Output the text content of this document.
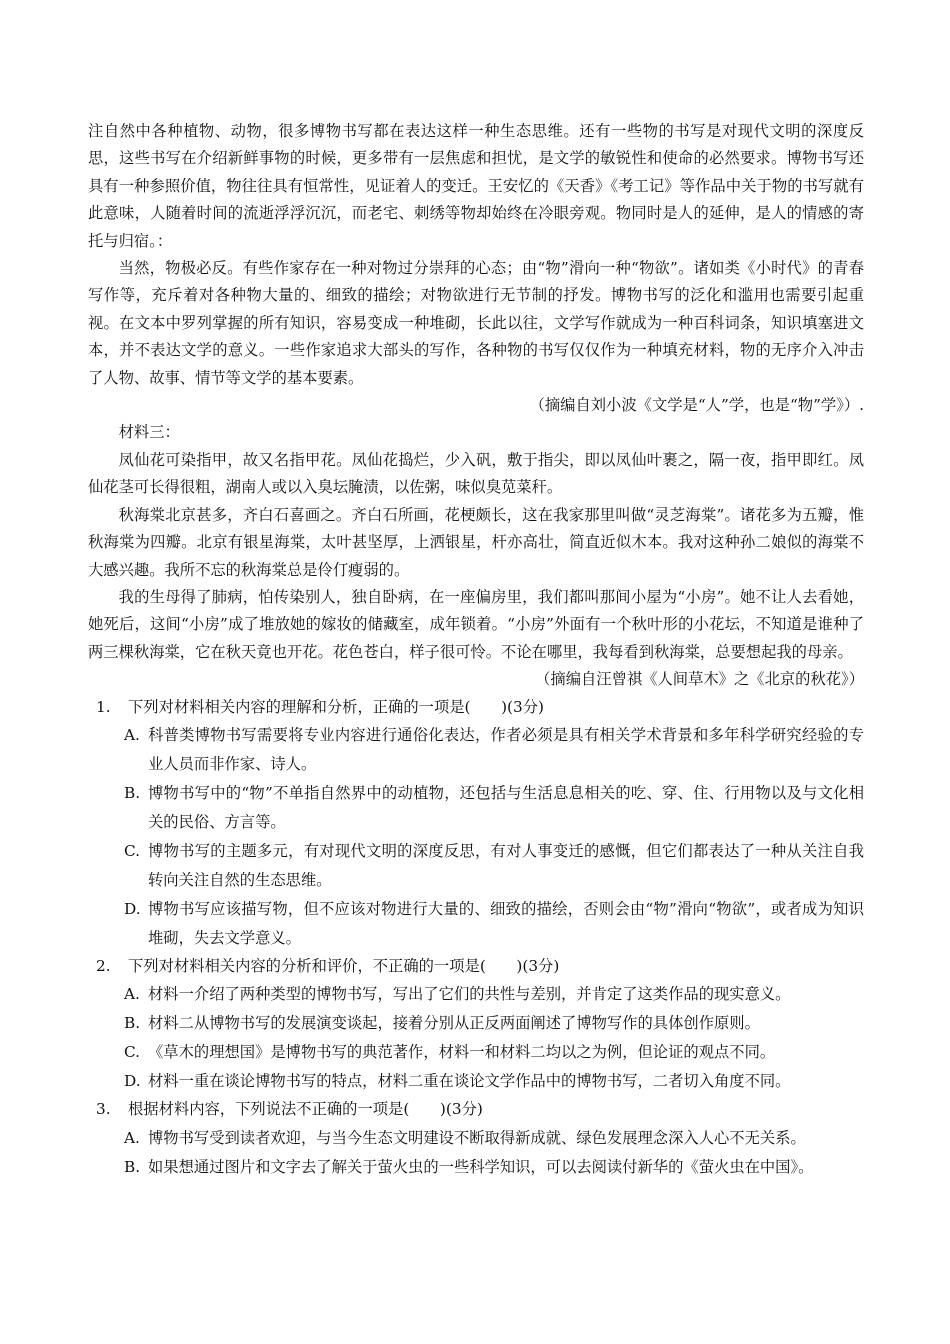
注自然中各种植物、动物，很多博物书写都在表达这样一种生态思维。还有一些物的书写是对现代文明的深度反思，这些书写在介绍新鲜事物的时候，更多带有一层焦虑和担忧，是文学的敏锐性和使命的必然要求。博物书写还具有一种参照价值，物往往具有恒常性，见证着人的变迁。王安忆的《天香》《考工记》等作品中关于物的书写就有此意味，人随着时间的流逝浮浮沉沉，而老宅、刺绣等物却始终在冷眼旁观。物同时是人的延伸，是人的情感的寄托与归宿。：

当然，物极必反。有些作家存在一种对物过分崇拜的心态；由“物”滑向一种“物欲”。诸如类《小时代》的青春写作等，充斥着对各种物大量的、细致的描绘；对物欲进行无节制的抒发。博物书写的泛化和滥用也需要引起重视。在文本中罗列掌握的所有知识，容易变成一种堆砌，长此以往，文学写作就成为一种百科词条，知识填塞进文本，并不表达文学的意义。一些作家追求大部头的写作，各种物的书写仅仅作为一种填充材料，物的无序介入冲击了人物、故事、情节等文学的基本要素。

（摘编自刘小波《文学是“人”学，也是“物”学》）.

材料三：

凤仙花可染指甲，故又名指甲花。凤仙花捣烂，少入矾，敷于指尖，即以凤仙叶裹之，隔一夜，指甲即红。凤仙花茎可长得很粗，湖南人或以入臭坛腌渍，以佐粥，味似臭苋菜秆。

秋海棠北京甚多，齐白石喜画之。齐白石所画，花梗颇长，这在我家那里叫做“灵芝海棠”。诸花多为五瓣，惟秋海棠为四瓣。北京有银星海棠，太叶甚坚厚，上洒银星，杆亦高壮，简直近似木本。我对这种孙二娘似的海棠不大感兴趣。我所不忘的秋海棠总是伶仃瘦弱的。

我的生母得了肺病，怕传染别人，独自卧病，在一座偏房里，我们都叫那间小屋为“小房”。她不让人去看她，她死后，这间“小房”成了堆放她的嫁妆的储藏室，成年锁着。“小房”外面有一个秋叶形的小花坛，不知道是谁种了两三棵秋海棠，它在秋天竟也开花。花色苍白，样子很可怜。不论在哪里，我每看到秋海棠，总要想起我的母亲。

（摘编自汪曾祺《人间草木》之《北京的秋花》）

1. 下列对材料相关内容的理解和分析，正确的一项是(　　)(3分)

A. 科普类博物书写需要将专业内容进行通俗化表达，作者必须是具有相关学术背景和多年科学研究经验的专业人员而非作家、诗人。

B. 博物书写中的“物”不单指自然界中的动植物，还包括与生活息息相关的吃、穿、住、行用物以及与文化相关的民俗、方言等。

C. 博物书写的主题多元，有对现代文明的深度反思，有对人事变迁的感慨，但它们都表达了一种从关注自我转向关注自然的生态思维。

D. 博物书写应该描写物，但不应该对物进行大量的、细致的描绘，否则会由“物”滑向“物欲”，或者成为知识堆砌，失去文学意义。

2. 下列对材料相关内容的分析和评价，不正确的一项是(　　)(3分)

A. 材料一介绍了两种类型的博物书写，写出了它们的共性与差别，并肯定了这类作品的现实意义。

B. 材料二从博物书写的发展演变谈起，接着分别从正反两面阐述了博物写作的具体创作原则。

C. 《草木的理想国》是博物书写的典范著作，材料一和材料二均以之为例，但论证的观点不同。

D. 材料一重在谈论博物书写的特点，材料二重在谈论文学作品中的博物书写，二者切入角度不同。

3. 根据材料内容，下列说法不正确的一项是(　　)(3分)

A. 博物书写受到读者欢迎，与当今生态文明建设不断取得新成就、绿色发展理念深入人心不无关系。

B. 如果想通过图片和文字去了解关于萤火虫的一些科学知识，可以去阅读付新华的《萤火虫在中国》。
